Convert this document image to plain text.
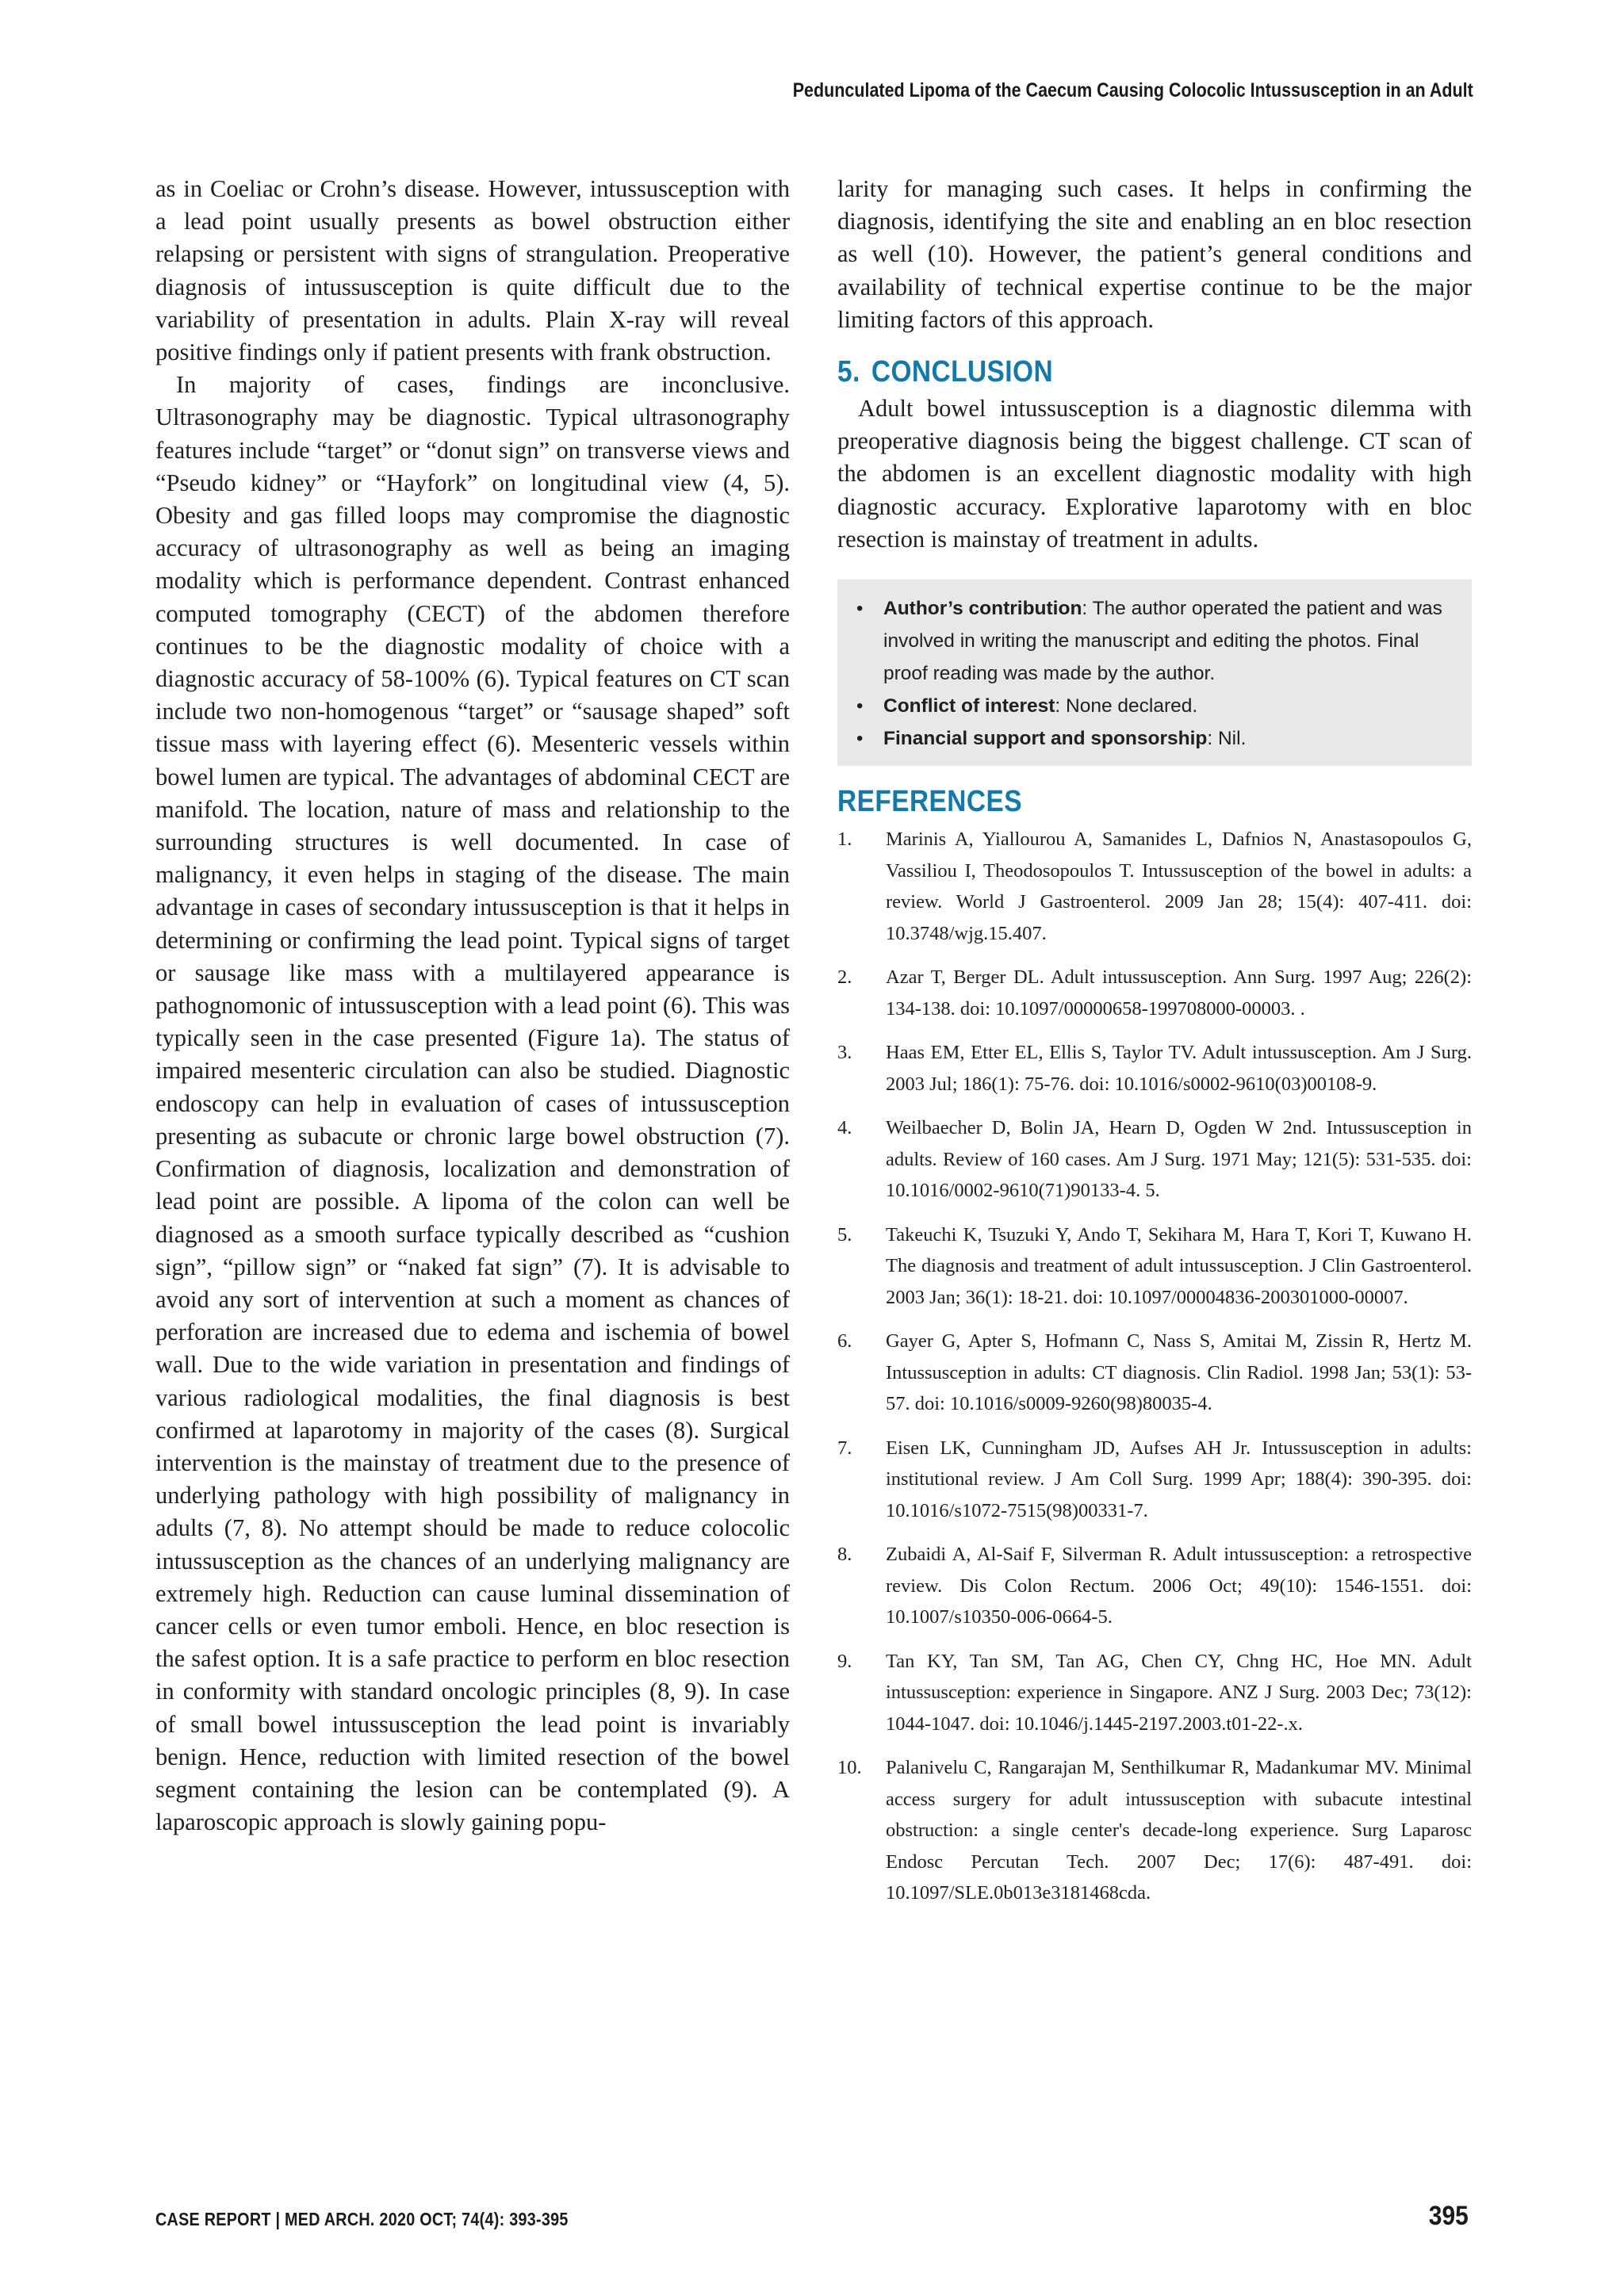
Pedunculated Lipoma of the Caecum Causing Colocolic Intussusception in an Adult

as in Coeliac or Crohn’s disease. However, intussusception with a lead point usually presents as bowel obstruction either relapsing or persistent with signs of strangulation. Preoperative diagnosis of intussusception is quite difficult due to the variability of presentation in adults. Plain X-ray will reveal positive findings only if patient presents with frank obstruction.

In majority of cases, findings are inconclusive. Ultrasonography may be diagnostic. Typical ultrasonography features include “target” or “donut sign” on transverse views and “Pseudo kidney” or “Hayfork” on longitudinal view (4, 5). Obesity and gas filled loops may compromise the diagnostic accuracy of ultrasonography as well as being an imaging modality which is performance dependent. Contrast enhanced computed tomography (CECT) of the abdomen therefore continues to be the diagnostic modality of choice with a diagnostic accuracy of 58-100% (6). Typical features on CT scan include two non-homogenous “target” or “sausage shaped” soft tissue mass with layering effect (6). Mesenteric vessels within bowel lumen are typical. The advantages of abdominal CECT are manifold. The location, nature of mass and relationship to the surrounding structures is well documented. In case of malignancy, it even helps in staging of the disease. The main advantage in cases of secondary intussusception is that it helps in determining or confirming the lead point. Typical signs of target or sausage like mass with a multilayered appearance is pathognomonic of intussusception with a lead point (6). This was typically seen in the case presented (Figure 1a). The status of impaired mesenteric circulation can also be studied. Diagnostic endoscopy can help in evaluation of cases of intussusception presenting as subacute or chronic large bowel obstruction (7). Confirmation of diagnosis, localization and demonstration of lead point are possible. A lipoma of the colon can well be diagnosed as a smooth surface typically described as “cushion sign”, “pillow sign” or “naked fat sign” (7). It is advisable to avoid any sort of intervention at such a moment as chances of perforation are increased due to edema and ischemia of bowel wall. Due to the wide variation in presentation and findings of various radiological modalities, the final diagnosis is best confirmed at laparotomy in majority of the cases (8). Surgical intervention is the mainstay of treatment due to the presence of underlying pathology with high possibility of malignancy in adults (7, 8). No attempt should be made to reduce colocolic intussusception as the chances of an underlying malignancy are extremely high. Reduction can cause luminal dissemination of cancer cells or even tumor emboli. Hence, en bloc resection is the safest option. It is a safe practice to perform en bloc resection in conformity with standard oncologic principles (8, 9). In case of small bowel intussusception the lead point is invariably benign. Hence, reduction with limited resection of the bowel segment containing the lesion can be contemplated (9). A laparoscopic approach is slowly gaining popu-

larity for managing such cases. It helps in confirming the diagnosis, identifying the site and enabling an en bloc resection as well (10). However, the patient’s general conditions and availability of technical expertise continue to be the major limiting factors of this approach.

5. CONCLUSION

Adult bowel intussusception is a diagnostic dilemma with preoperative diagnosis being the biggest challenge. CT scan of the abdomen is an excellent diagnostic modality with high diagnostic accuracy. Explorative laparotomy with en bloc resection is mainstay of treatment in adults.

• Author’s contribution: The author operated the patient and was involved in writing the manuscript and editing the photos. Final proof reading was made by the author.
• Conflict of interest: None declared.
• Financial support and sponsorship: Nil.
REFERENCES
1. Marinis A, Yiallourou A, Samanides L, Dafnios N, Anastasopoulos G, Vassiliou I, Theodosopoulos T. Intussusception of the bowel in adults: a review. World J Gastroenterol. 2009 Jan 28; 15(4): 407-411. doi: 10.3748/wjg.15.407.
2. Azar T, Berger DL. Adult intussusception. Ann Surg. 1997 Aug; 226(2): 134-138. doi: 10.1097/00000658-199708000-00003. .
3. Haas EM, Etter EL, Ellis S, Taylor TV. Adult intussusception. Am J Surg. 2003 Jul; 186(1): 75-76. doi: 10.1016/s0002-9610(03)00108-9.
4. Weilbaecher D, Bolin JA, Hearn D, Ogden W 2nd. Intussusception in adults. Review of 160 cases. Am J Surg. 1971 May; 121(5): 531-535. doi: 10.1016/0002-9610(71)90133-4. 5.
5. Takeuchi K, Tsuzuki Y, Ando T, Sekihara M, Hara T, Kori T, Kuwano H. The diagnosis and treatment of adult intussusception. J Clin Gastroenterol. 2003 Jan; 36(1): 18-21. doi: 10.1097/00004836-200301000-00007.
6. Gayer G, Apter S, Hofmann C, Nass S, Amitai M, Zissin R, Hertz M. Intussusception in adults: CT diagnosis. Clin Radiol. 1998 Jan; 53(1): 53-57. doi: 10.1016/s0009-9260(98)80035-4.
7. Eisen LK, Cunningham JD, Aufses AH Jr. Intussusception in adults: institutional review. J Am Coll Surg. 1999 Apr; 188(4): 390-395. doi: 10.1016/s1072-7515(98)00331-7.
8. Zubaidi A, Al-Saif F, Silverman R. Adult intussusception: a retrospective review. Dis Colon Rectum. 2006 Oct; 49(10): 1546-1551. doi: 10.1007/s10350-006-0664-5.
9. Tan KY, Tan SM, Tan AG, Chen CY, Chng HC, Hoe MN. Adult intussusception: experience in Singapore. ANZ J Surg. 2003 Dec; 73(12): 1044-1047. doi: 10.1046/j.1445-2197.2003.t01-22-.x.
10. Palanivelu C, Rangarajan M, Senthilkumar R, Madankumar MV. Minimal access surgery for adult intussusception with subacute intestinal obstruction: a single center's decade-long experience. Surg Laparosc Endosc Percutan Tech. 2007 Dec; 17(6): 487-491. doi: 10.1097/SLE.0b013e3181468cda.
CASE REPORT | MED ARCH. 2020 OCT; 74(4): 393-395	395
